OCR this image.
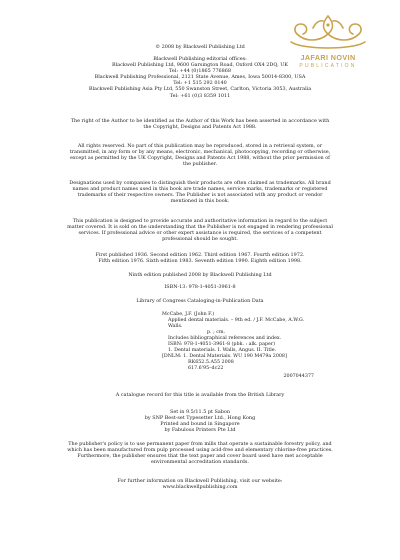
JAFARI NOVIN
PUBLICATION

© 2008 by Blackwell Publishing Ltd

Blackwell Publishing editorial offices:

Blackwell Publishing Ltd, 9600 Garsington Road, Oxford OX4 2DQ, UK

Tel: +44 (0)1865 776868

Blackwell Publishing Professional, 2121 State Avenue, Ames, Iowa 50014-8300, USA

Tel: +1 515 292 0140

Blackwell Publishing Asia Pty Ltd, 550 Swanston Street, Carlton, Victoria 3053, Australia

Tel: +61 (0)3 8359 1011

The right of the Author to be identified as the Author of this Work has been asserted in accordance with
the Copyright, Designs and Patents Act 1988.

All rights reserved. No part of this publication may be reproduced, stored in a retrieval system, or
transmitted, in any form or by any means, electronic, mechanical, photocopying, recording or otherwise,
except as permitted by the UK Copyright, Designs and Patents Act 1988, without the prior permission of
the publisher.

Designations used by companies to distinguish their products are often claimed as trademarks. All brand
names and product names used in this book are trade names, service marks, trademarks or registered
trademarks of their respective owners. The Publisher is not associated with any product or vendor
mentioned in this book.

This publication is designed to provide accurate and authoritative information in regard to the subject
matter covered. It is sold on the understanding that the Publisher is not engaged in rendering professional
services. If professional advice or other expert assistance is required, the services of a competent
professional should be sought.

First published 1936. Second edition 1962. Third edition 1967. Fourth edition 1972.
Fifth edition 1976. Sixth edition 1983. Seventh edition 1990. Eighth edition 1998.

Ninth edition published 2008 by Blackwell Publishing Ltd

ISBN-13: 978-1-4051-3961-8

Library of Congress Cataloging-in-Publication Data

McCabe, J.F. (John F.)

Applied dental materials. – 9th ed. / J.F. McCabe, A.W.G. Walls.

p. ; cm.

Includes bibliographical references and index.

ISBN: 978-1-4051-3961-8 (pbk. : alk. paper)

1. Dental materials. I. Walls, Angus. II. Title.

[DNLM: 1. Dental Materials. WU 190 M479a 2008]

RK652.5.A55 2008

617.6'95–dc22

2007044377

A catalogue record for this title is available from the British Library

Set in 9.5/11.5 pt Sabon

by SNP Best-set Typesetter Ltd., Hong Kong

Printed and bound in Singapore

by Fabulous Printers Pte Ltd

The publisher's policy is to use permanent paper from mills that operate a sustainable forestry policy, and
which has been manufactured from pulp processed using acid-free and elementary chlorine-free practices.
Furthermore, the publisher ensures that the text paper and cover board used have met acceptable
environmental accreditation standards.

For further information on Blackwell Publishing, visit our website:

www.blackwellpublishing.com
